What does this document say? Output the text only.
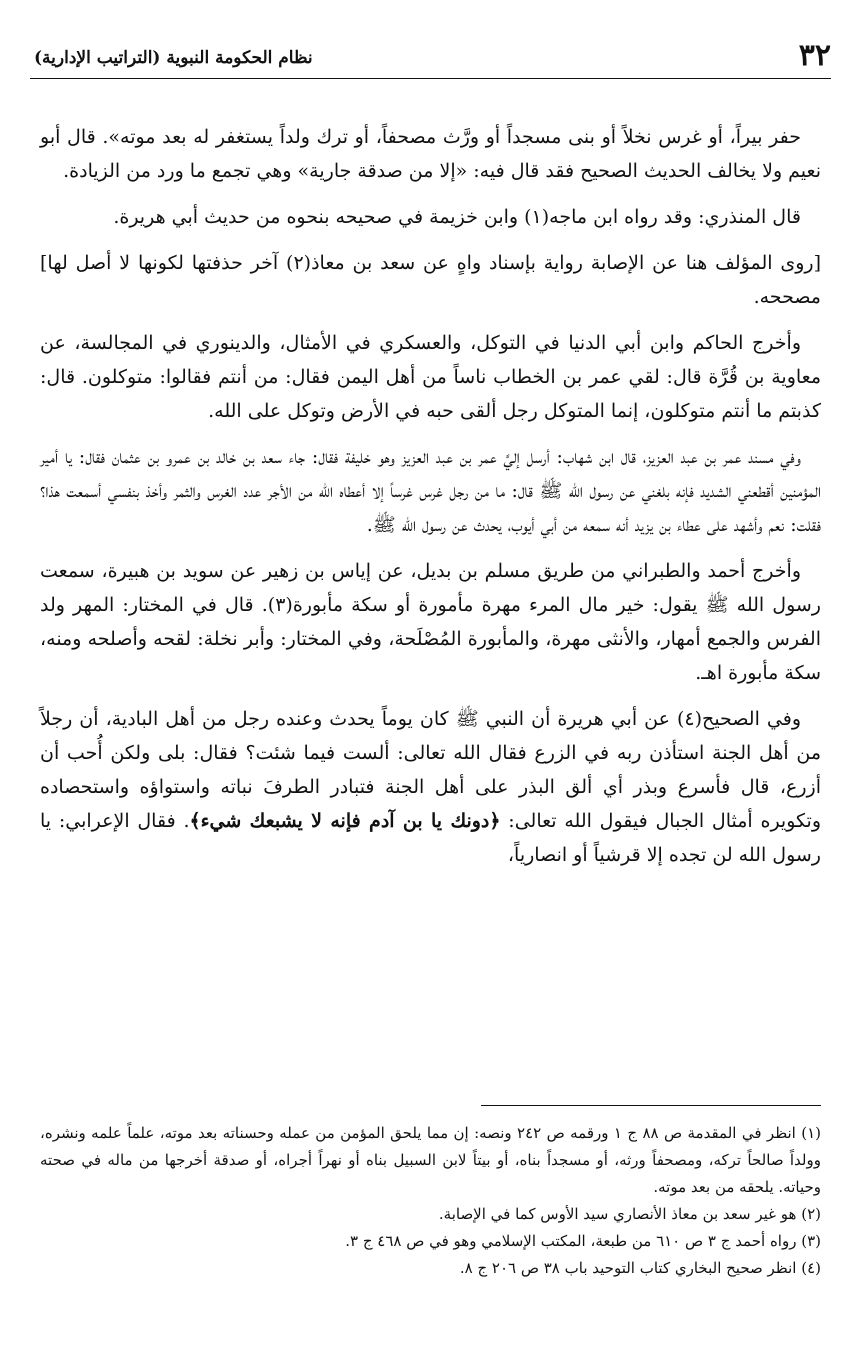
٣٢
نظام الحكومة النبوية (التراتيب الإدارية)

حفر بيراً، أو غرس نخلاً أو بنى مسجداً أو ورَّث مصحفاً، أو ترك ولداً يستغفر له بعد موته». قال أبو نعيم ولا يخالف الحديث الصحيح فقد قال فيه: «إلا من صدقة جارية» وهي تجمع ما ورد من الزيادة.

قال المنذري: وقد رواه ابن ماجه(١) وابن خزيمة في صحيحه بنحوه من حديث أبي هريرة.

[روى المؤلف هنا عن الإصابة رواية بإسناد واهٍ عن سعد بن معاذ(٢) آخر حذفتها لكونها لا أصل لها] مصححه.

وأخرج الحاكم وابن أبي الدنيا في التوكل، والعسكري في الأمثال، والدينوري في المجالسة، عن معاوية بن قُرَّة قال: لقي عمر بن الخطاب ناساً من أهل اليمن فقال: من أنتم فقالوا: متوكلون. قال: كذبتم ما أنتم متوكلون، إنما المتوكل رجل ألقى حبه في الأرض وتوكل على الله.

وفي مسند عمر بن عبد العزيز، قال ابن شهاب: أرسل إليَّ عمر بن عبد العزيز وهو خليفة فقال: جاء سعد بن خالد بن عمرو بن عثمان فقال: يا أمير المؤمنين أقطعني الشديد فإنه بلغني عن رسول الله ﷺ قال: ما من رجل غرس غرساً إلا أعطاه الله من الأجر عدد الغرس والثمر وأخذ بنفسي أسمعت هذا؟ فقلت: نعم وأشهد على عطاء بن يزيد أنه سمعه من أبي أيوب، يحدث عن رسول الله ﷺ.

وأخرج أحمد والطبراني من طريق مسلم بن بديل، عن إياس بن زهير عن سويد بن هبيرة، سمعت رسول الله ﷺ يقول: خير مال المرء مهرة مأمورة أو سكة مأبورة(٣). قال في المختار: المهر ولد الفرس والجمع أمهار، والأنثى مهرة، والمأبورة المُصْلَحة، وفي المختار: وأبر نخلة: لقحه وأصلحه ومنه، سكة مأبورة اهـ.

وفي الصحيح(٤) عن أبي هريرة أن النبي ﷺ كان يوماً يحدث وعنده رجل من أهل البادية، أن رجلاً من أهل الجنة استأذن ربه في الزرع فقال الله تعالى: ألست فيما شئت؟ فقال: بلى ولكن أُحب أن أزرع، قال فأسرع وبذر أي ألق البذر على أهل الجنة فتبادر الطرفَ نباته واستواؤه واستحصاده وتكويره أمثال الجبال فيقول الله تعالى: ﴿دونك يا بن آدم فإنه لا يشبعك شيء﴾. فقال الإعرابي: يا رسول الله لن تجده إلا قرشياً أو انصارياً،

(١) انظر في المقدمة ص ٨٨ ج ١ ورقمه ص ٢٤٢ ونصه: إن مما يلحق المؤمن من عمله وحسناته بعد موته، علماً علمه ونشره، وولداً صالحاً تركه، ومصحفاً ورثه، أو مسجداً بناه، أو بيتاً لابن السبيل بناه أو نهراً أجراه، أو صدقة أخرجها من ماله في صحته وحياته. يلحقه من بعد موته.

(٢) هو غير سعد بن معاذ الأنصاري سيد الأوس كما في الإصابة.

(٣) رواه أحمد ج ٣ ص ٦١٠ من طبعة، المكتب الإسلامي وهو في ص ٤٦٨ ج ٣.

(٤) انظر صحيح البخاري كتاب التوحيد باب ٣٨ ص ٢٠٦ ج ٨.
